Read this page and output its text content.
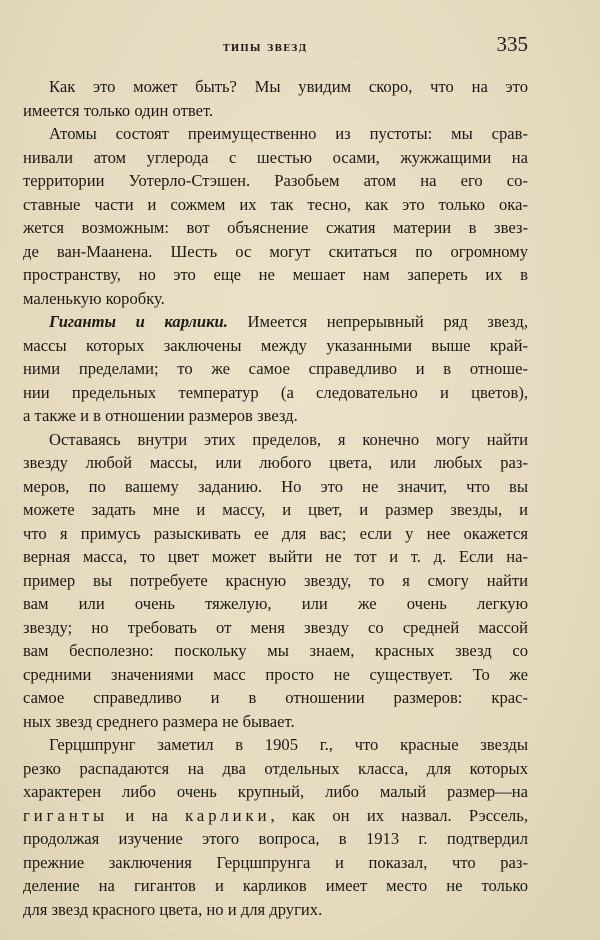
типы звезд	335

Как это может быть? Мы увидим скоро, что на это
имеется только один ответ.

Атомы состоят преимущественно из пустоты: мы срав-
нивали атом углерода с шестью осами, жужжащими на
территории Уотерло-Стэшен. Разобьем атом на его со-
ставные части и сожмем их так тесно, как это только ока-
жется возможным: вот объяснение сжатия материи в звез-
де ван-Маанена. Шесть ос могут скитаться по огромному
пространству, но это еще не мешает нам запереть их в
маленькую коробку.

Гиганты и карлики. Имеется непрерывный ряд звезд,
массы которых заключены между указанными выше край-
ними пределами; то же самое справедливо и в отноше-
нии предельных температур (а следовательно и цветов),
а также и в отношении размеров звезд.

Оставаясь внутри этих пределов, я конечно могу найти
звезду любой массы, или любого цвета, или любых раз-
меров, по вашему заданию. Но это не значит, что вы
можете задать мне и массу, и цвет, и размер звезды, и
что я примусь разыскивать ее для вас; если у нее окажется
верная масса, то цвет может выйти не тот и т. д. Если на-
пример вы потребуете красную звезду, то я смогу найти
вам или очень тяжелую, или же очень легкую
звезду; но требовать от меня звезду со средней массой
вам бесполезно: поскольку мы знаем, красных звезд со
средними значениями масс просто не существует. То же
самое справедливо и в отношении размеров: крас-
ных звезд среднего размера не бывает.

Герцшпрунг заметил в 1905 г., что красные звезды
резко распадаются на два отдельных класса, для которых
характерен либо очень крупный, либо малый размер—на
гиганты и на карлики, как он их назвал. Рэссель,
продолжая изучение этого вопроса, в 1913 г. подтвердил
прежние заключения Герцшпрунга и показал, что раз-
деление на гигантов и карликов имеет место не только
для звезд красного цвета, но и для других.
